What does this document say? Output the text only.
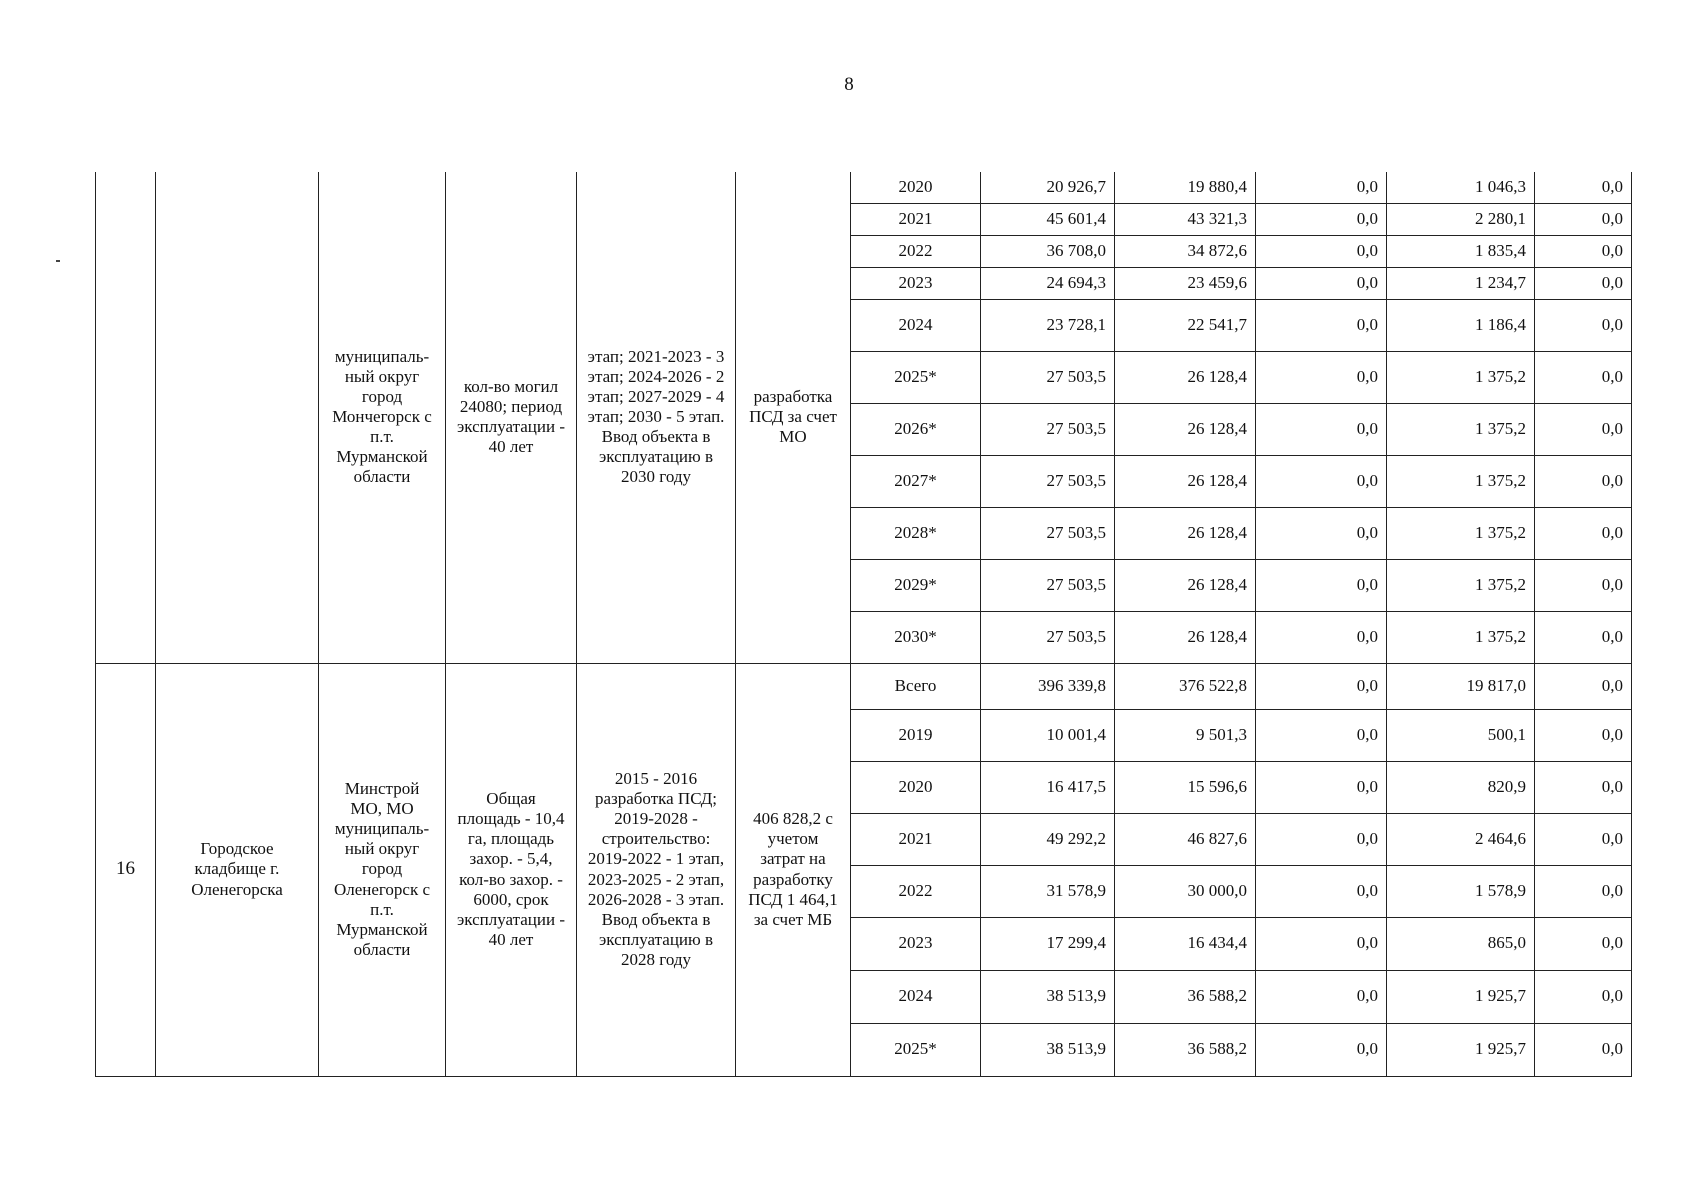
8
		муниципаль-ный округ город Мончегорск с п.т. Мурманской области	кол-во могил 24080; период эксплуатации - 40 лет	этап; 2021-2023 - 3 этап; 2024-2026 - 2 этап; 2027-2029 - 4 этап; 2030 - 5 этап. Ввод объекта в эксплуатацию в 2030 году	разработка ПСД за счет МО	2020	20 926,7	19 880,4	0,0	1 046,3	0,0
						2021	45 601,4	43 321,3	0,0	2 280,1	0,0
						2022	36 708,0	34 872,6	0,0	1 835,4	0,0
						2023	24 694,3	23 459,6	0,0	1 234,7	0,0
						2024	23 728,1	22 541,7	0,0	1 186,4	0,0
						2025*	27 503,5	26 128,4	0,0	1 375,2	0,0
						2026*	27 503,5	26 128,4	0,0	1 375,2	0,0
						2027*	27 503,5	26 128,4	0,0	1 375,2	0,0
						2028*	27 503,5	26 128,4	0,0	1 375,2	0,0
						2029*	27 503,5	26 128,4	0,0	1 375,2	0,0
						2030*	27 503,5	26 128,4	0,0	1 375,2	0,0
16	Городское кладбище г. Оленегорска	Минстрой МО, МО муниципаль-ный округ город Оленегорск с п.т. Мурманской области	Общая площадь - 10,4 га, площадь захор. - 5,4, кол-во захор. - 6000, срок эксплуатации - 40 лет	2015 - 2016 разработка ПСД; 2019-2028 - строительство: 2019-2022 - 1 этап, 2023-2025 - 2 этап, 2026-2028 - 3 этап. Ввод объекта в эксплуатацию в 2028 году	406 828,2 с учетом затрат на разработку ПСД 1 464,1 за счет МБ	Всего	396 339,8	376 522,8	0,0	19 817,0	0,0
						2019	10 001,4	9 501,3	0,0	500,1	0,0
						2020	16 417,5	15 596,6	0,0	820,9	0,0
						2021	49 292,2	46 827,6	0,0	2 464,6	0,0
						2022	31 578,9	30 000,0	0,0	1 578,9	0,0
						2023	17 299,4	16 434,4	0,0	865,0	0,0
						2024	38 513,9	36 588,2	0,0	1 925,7	0,0
						2025*	38 513,9	36 588,2	0,0	1 925,7	0,0
